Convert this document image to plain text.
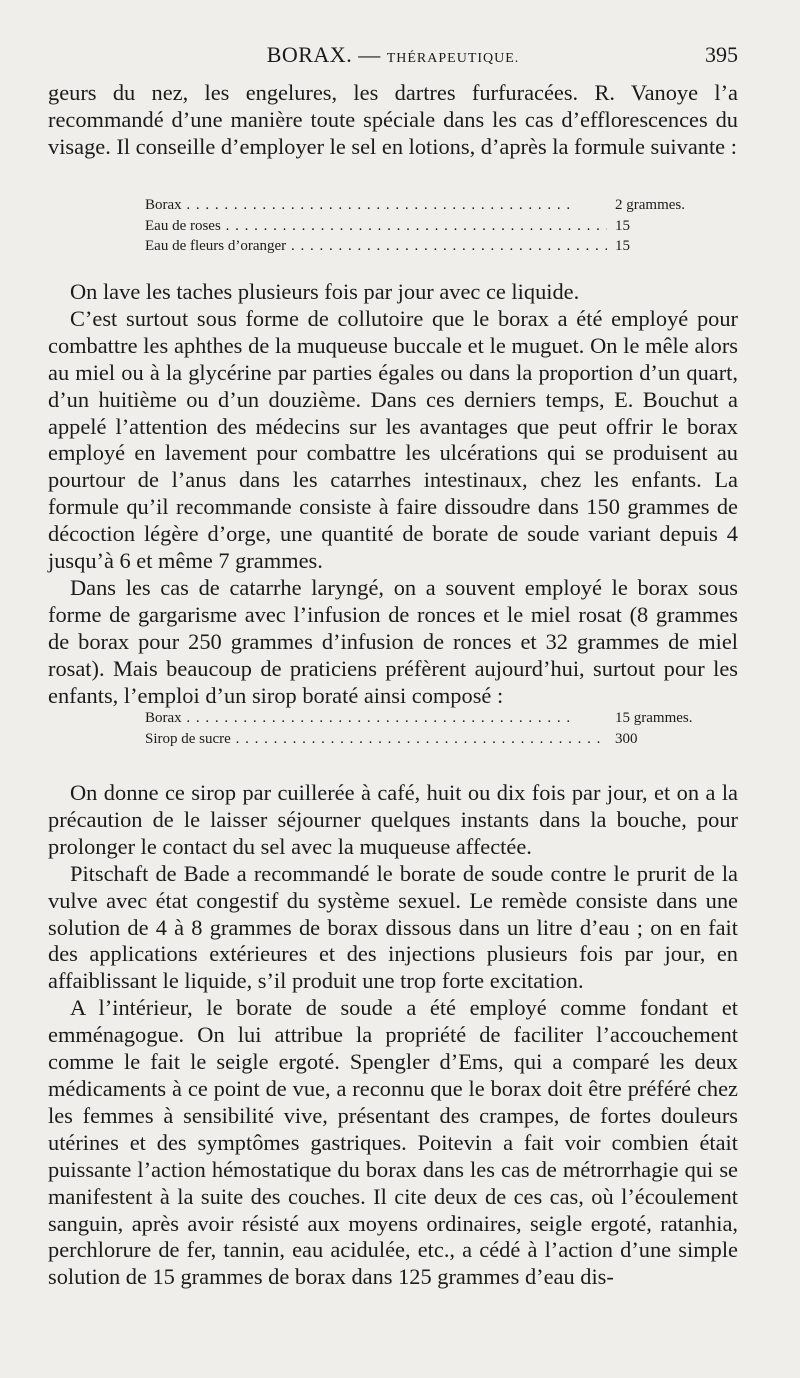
BORAX. — THÉRAPEUTIQUE.	395

geurs du nez, les engelures, les dartres furfuracées. R. Vanoye l’a recommandé d’une manière toute spéciale dans les cas d’efflorescences du visage. Il conseille d’employer le sel en lotions, d’après la formule suivante :

Borax . . .	2 grammes.
Eau de roses . . .	15
Eau de fleurs d’oranger . . .	15

On lave les taches plusieurs fois par jour avec ce liquide.

C’est surtout sous forme de collutoire que le borax a été employé pour combattre les aphthes de la muqueuse buccale et le muguet. On le mêle alors au miel ou à la glycérine par parties égales ou dans la proportion d’un quart, d’un huitième ou d’un douzième. Dans ces derniers temps, E. Bouchut a appelé l’attention des médecins sur les avantages que peut offrir le borax employé en lavement pour combattre les ulcérations qui se produisent au pourtour de l’anus dans les catarrhes intestinaux, chez les enfants. La formule qu’il recommande consiste à faire dissoudre dans 150 grammes de décoction légère d’orge, une quantité de borate de soude variant depuis 4 jusqu’à 6 et même 7 grammes.

Dans les cas de catarrhe laryngé, on a souvent employé le borax sous forme de gargarisme avec l’infusion de ronces et le miel rosat (8 grammes de borax pour 250 grammes d’infusion de ronces et 32 grammes de miel rosat). Mais beaucoup de praticiens préfèrent aujourd’hui, surtout pour les enfants, l’emploi d’un sirop boraté ainsi composé :

Borax . . .	15 grammes.
Sirop de sucre . . .	300

On donne ce sirop par cuillerée à café, huit ou dix fois par jour, et on a la précaution de le laisser séjourner quelques instants dans la bouche, pour prolonger le contact du sel avec la muqueuse affectée.

Pitschaft de Bade a recommandé le borate de soude contre le prurit de la vulve avec état congestif du système sexuel. Le remède consiste dans une solution de 4 à 8 grammes de borax dissous dans un litre d’eau ; on en fait des applications extérieures et des injections plusieurs fois par jour, en affaiblissant le liquide, s’il produit une trop forte excitation.

A l’intérieur, le borate de soude a été employé comme fondant et emménagogue. On lui attribue la propriété de faciliter l’accouchement comme le fait le seigle ergoté. Spengler d’Ems, qui a comparé les deux médicaments à ce point de vue, a reconnu que le borax doit être préféré chez les femmes à sensibilité vive, présentant des crampes, de fortes douleurs utérines et des symptômes gastriques. Poitevin a fait voir combien était puissante l’action hémostatique du borax dans les cas de métrorrhagie qui se manifestent à la suite des couches. Il cite deux de ces cas, où l’écoulement sanguin, après avoir résisté aux moyens ordinaires, seigle ergoté, ratanhia, perchlorure de fer, tannin, eau acidulée, etc., a cédé à l’action d’une simple solution de 15 grammes de borax dans 125 grammes d’eau dis-
